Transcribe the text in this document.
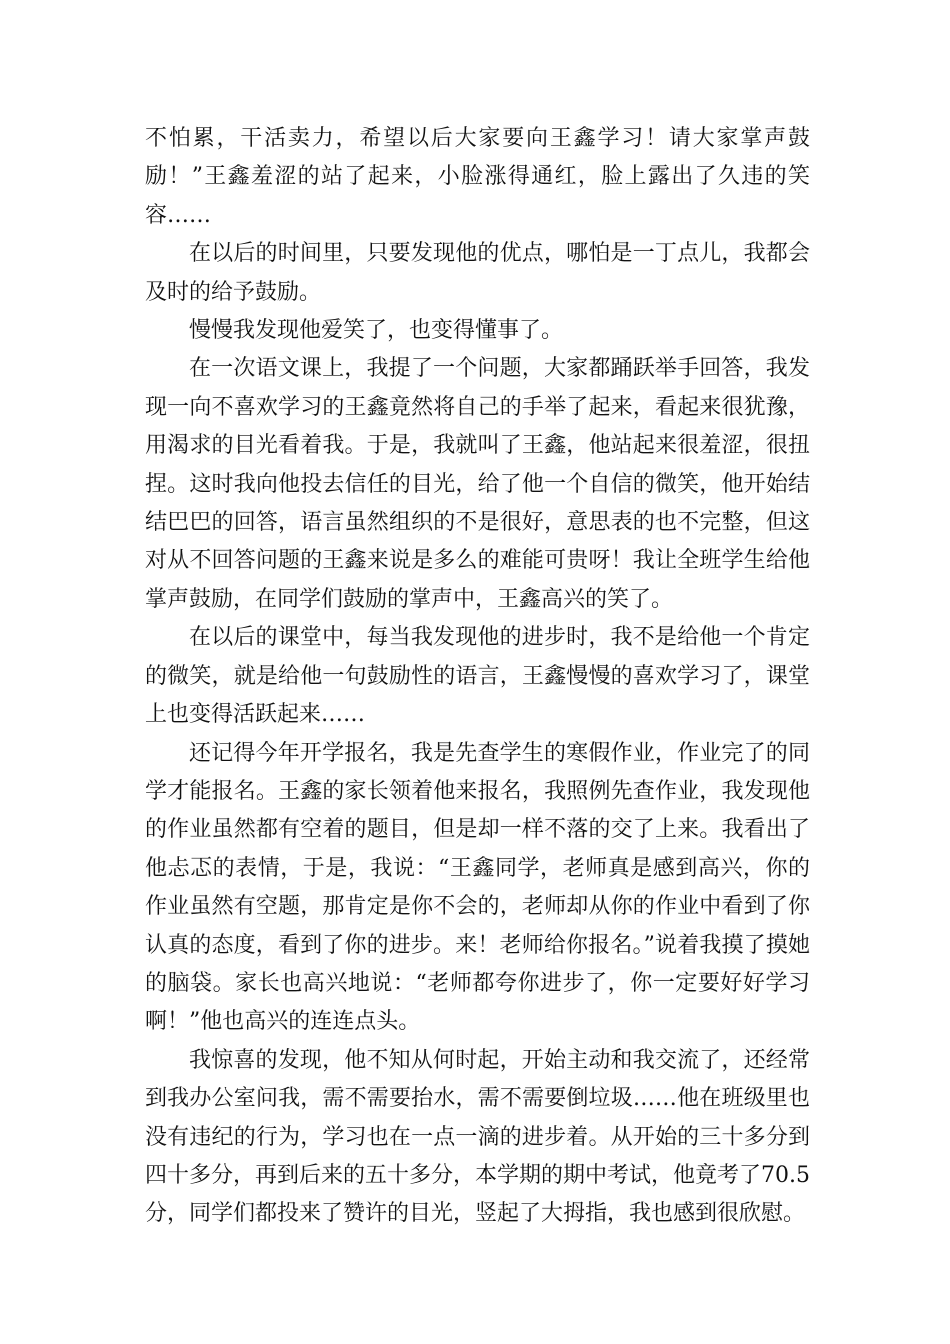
不怕累，干活卖力，希望以后大家要向王鑫学习！请大家掌声鼓励！”王鑫羞涩的站了起来，小脸涨得通红，脸上露出了久违的笑容……

在以后的时间里，只要发现他的优点，哪怕是一丁点儿，我都会及时的给予鼓励。

慢慢我发现他爱笑了，也变得懂事了。

在一次语文课上，我提了一个问题，大家都踊跃举手回答，我发现一向不喜欢学习的王鑫竟然将自己的手举了起来，看起来很犹豫，用渴求的目光看着我。于是，我就叫了王鑫，他站起来很羞涩，很扭捏。这时我向他投去信任的目光，给了他一个自信的微笑，他开始结结巴巴的回答，语言虽然组织的不是很好，意思表的也不完整，但这对从不回答问题的王鑫来说是多么的难能可贵呀！我让全班学生给他掌声鼓励，在同学们鼓励的掌声中，王鑫高兴的笑了。

在以后的课堂中，每当我发现他的进步时，我不是给他一个肯定的微笑，就是给他一句鼓励性的语言，王鑫慢慢的喜欢学习了，课堂上也变得活跃起来……

还记得今年开学报名，我是先查学生的寒假作业，作业完了的同学才能报名。王鑫的家长领着他来报名，我照例先查作业，我发现他的作业虽然都有空着的题目，但是却一样不落的交了上来。我看出了他忐忑的表情，于是，我说：“王鑫同学，老师真是感到高兴，你的作业虽然有空题，那肯定是你不会的，老师却从你的作业中看到了你认真的态度，看到了你的进步。来！老师给你报名。”说着我摸了摸她的脑袋。家长也高兴地说：“老师都夸你进步了，你一定要好好学习啊！”他也高兴的连连点头。

我惊喜的发现，他不知从何时起，开始主动和我交流了，还经常到我办公室问我，需不需要抬水，需不需要倒垃圾……他在班级里也没有违纪的行为，学习也在一点一滴的进步着。从开始的三十多分到四十多分，再到后来的五十多分，本学期的期中考试，他竟考了70.5分，同学们都投来了赞许的目光，竖起了大拇指，我也感到很欣慰。
